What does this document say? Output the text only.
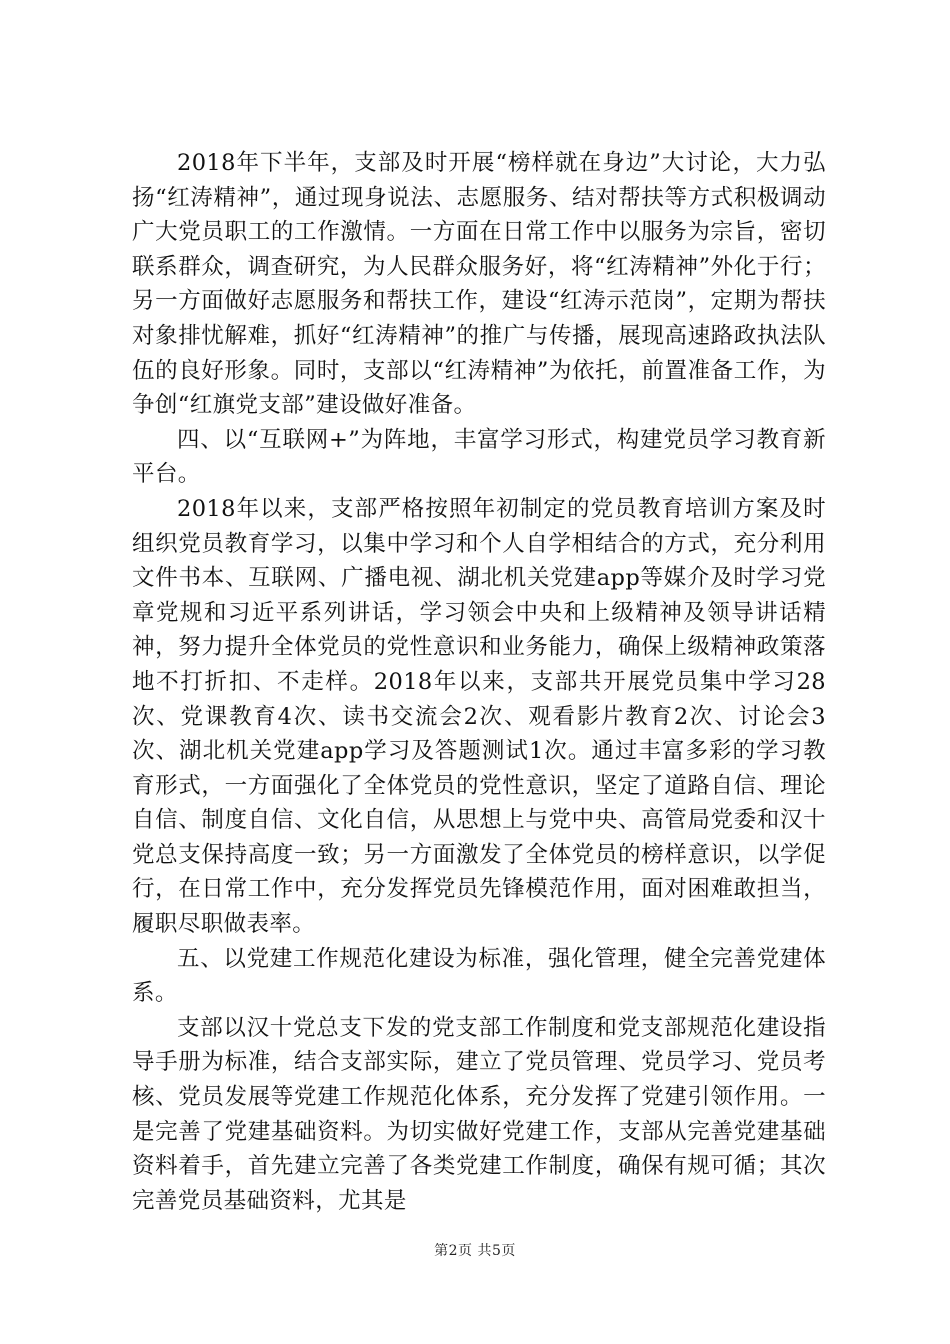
2018年下半年，支部及时开展“榜样就在身边”大讨论，大力弘扬“红涛精神”，通过现身说法、志愿服务、结对帮扶等方式积极调动广大党员职工的工作激情。一方面在日常工作中以服务为宗旨，密切联系群众，调查研究，为人民群众服务好，将“红涛精神”外化于行；另一方面做好志愿服务和帮扶工作，建设“红涛示范岗”，定期为帮扶对象排忧解难，抓好“红涛精神”的推广与传播，展现高速路政执法队伍的良好形象。同时，支部以“红涛精神”为依托，前置准备工作，为争创“红旗党支部”建设做好准备。

四、以“互联网+”为阵地，丰富学习形式，构建党员学习教育新平台。

2018年以来，支部严格按照年初制定的党员教育培训方案及时组织党员教育学习，以集中学习和个人自学相结合的方式，充分利用文件书本、互联网、广播电视、湖北机关党建app等媒介及时学习党章党规和习近平系列讲话，学习领会中央和上级精神及领导讲话精神，努力提升全体党员的党性意识和业务能力，确保上级精神政策落地不打折扣、不走样。2018年以来，支部共开展党员集中学习28次、党课教育4次、读书交流会2次、观看影片教育2次、讨论会3次、湖北机关党建app学习及答题测试1次。通过丰富多彩的学习教育形式，一方面强化了全体党员的党性意识，坚定了道路自信、理论自信、制度自信、文化自信，从思想上与党中央、高管局党委和汉十党总支保持高度一致；另一方面激发了全体党员的榜样意识，以学促行，在日常工作中，充分发挥党员先锋模范作用，面对困难敢担当，履职尽职做表率。

五、以党建工作规范化建设为标准，强化管理，健全完善党建体系。

支部以汉十党总支下发的党支部工作制度和党支部规范化建设指导手册为标准，结合支部实际，建立了党员管理、党员学习、党员考核、党员发展等党建工作规范化体系，充分发挥了党建引领作用。一是完善了党建基础资料。为切实做好党建工作，支部从完善党建基础资料着手，首先建立完善了各类党建工作制度，确保有规可循；其次完善党员基础资料，尤其是

第2页 共5页
